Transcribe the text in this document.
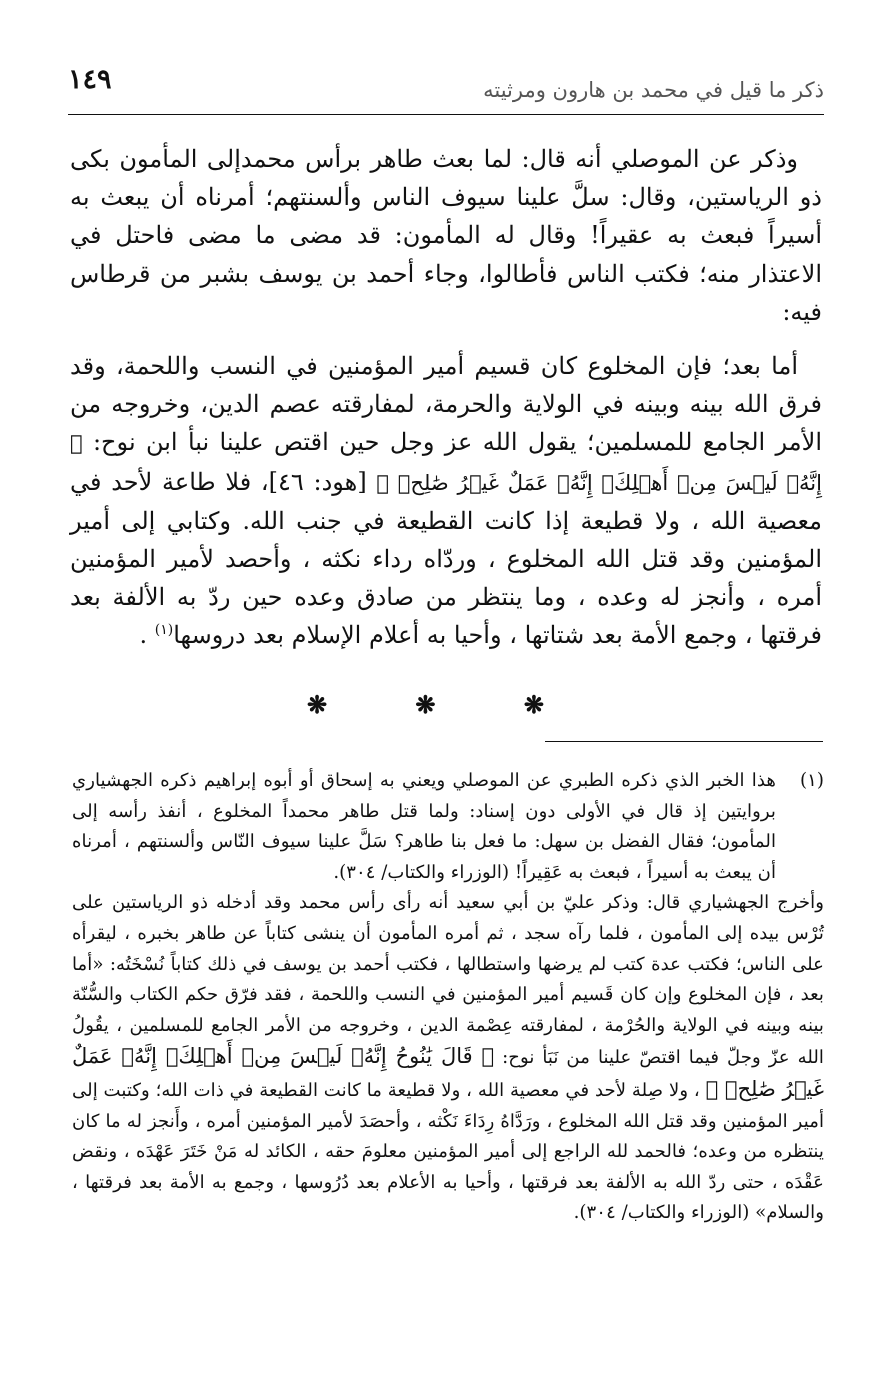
ذكر ما قيل في محمد بن هارون ومرثيته
١٤٩

وذكر عن الموصلي أنه قال: لما بعث طاهر برأس محمدإلى المأمون بكى ذو الرياستين، وقال: سلَّ علينا سيوف الناس وألسنتهم؛ أمرناه أن يبعث به أسيراً فبعث به عقيراً! وقال له المأمون: قد مضى ما مضى فاحتل في الاعتذار منه؛ فكتب الناس فأطالوا، وجاء أحمد بن يوسف بشبر من قرطاس فيه:

أما بعد؛ فإن المخلوع كان قسيم أمير المؤمنين في النسب واللحمة، وقد فرق الله بينه وبينه في الولاية والحرمة، لمفارقته عصم الدين، وخروجه من الأمر الجامع للمسلمين؛ يقول الله عز وجل حين اقتص علينا نبأ ابن نوح: ﴿ إِنَّهُۥ لَيۡسَ مِنۡ أَهۡلِكَۖ إِنَّهُۥ عَمَلٌ غَيۡرُ صَٰلِحٖ ﴾ [هود: ٤٦]، فلا طاعة لأحد في معصية الله ، ولا قطيعة إذا كانت القطيعة في جنب الله. وكتابي إلى أمير المؤمنين وقد قتل الله المخلوع ، وردّاه رداء نكثه ، وأحصد لأمير المؤمنين أمره ، وأنجز له وعده ، وما ينتظر من صادق وعده حين ردّ به الألفة بعد فرقتها ، وجمع الأمة بعد شتاتها ، وأحيا به أعلام الإسلام بعد دروسها$^{(١)}$ .

❋ ❋ ❋

(١)
هذا الخبر الذي ذكره الطبري عن الموصلي ويعني به إسحاق أو أبوه إبراهيم ذكره الجهشياري بروايتين إذ قال في الأولى دون إسناد: ولما قتل طاهر محمداً المخلوع ، أنفذ رأسه إلى المأمون؛ فقال الفضل بن سهل: ما فعل بنا طاهر؟ سَلَّ علينا سيوف النّاس وألسنتهم ، أمرناه أن يبعث به أسيراً ، فبعث به عَقِيراً! (الوزراء والكتاب/ ٣٠٤).

وأخرج الجهشياري قال: وذكر عليّ بن أبي سعيد أنه رأى رأس محمد وقد أدخله ذو الرياستين على تُرْس بيده إلى المأمون ، فلما رآه سجد ، ثم أمره المأمون أن ينشى كتاباً عن طاهر بخبره ، ليقرأه على الناس؛ فكتب عدة كتب لم يرضها واستطالها ، فكتب أحمد بن يوسف في ذلك كتاباً نُسْخَتُه: «أما بعد ، فإن المخلوع وإن كان قَسيم أمير المؤمنين في النسب واللحمة ، فقد فرّق حكم الكتاب والسُّنّة بينه وبينه في الولاية والحُرْمة ، لمفارقته عِصْمة الدين ، وخروجه من الأمر الجامع للمسلمين ، يقُولُ الله عزّ وجلّ فيما اقتصّ علينا من نَبَأ نوح: ﴿ قَالَ يَٰنُوحُ إِنَّهُۥ لَيۡسَ مِنۡ أَهۡلِكَۖ إِنَّهُۥ عَمَلٌ غَيۡرُ صَٰلِحٖ ﴾ ، ولا صِلة لأحد في معصية الله ، ولا قطيعة ما كانت القطيعة في ذات الله؛ وكتبت إلى أمير المؤمنين وقد قتل الله المخلوع ، ورَدَّاهُ رِدَاءَ نَكْثه ، وأحصَدَ لأمير المؤمنين أمره ، وأَنجز له ما كان ينتظره من وعده؛ فالحمد لله الراجع إلى أمير المؤمنين معلومَ حقه ، الكائد له مَنْ خَتَرَ عَهْدَه ، ونقض عَقْدَه ، حتى ردّ الله به الألفة بعد فرقتها ، وأحيا به الأعلام بعد دُرُوسها ، وجمع به الأمة بعد فرقتها ، والسلام» (الوزراء والكتاب/ ٣٠٤).
